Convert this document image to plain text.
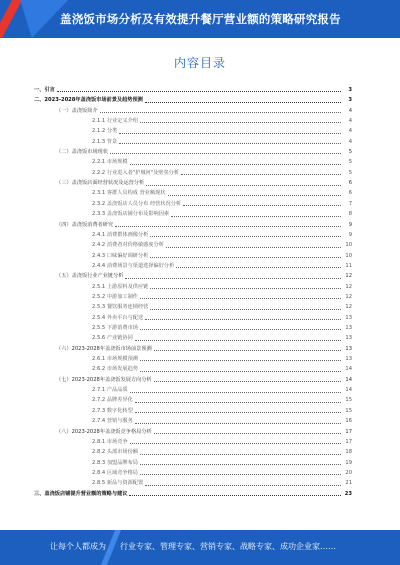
盖浇饭市场分析及有效提升餐厅营业额的策略研究报告
内容目录
一、引言	3
二、2023-2028年盖浇饭市场前景及趋势预测	3
（一）盖浇饭简介	4
2.1.1 行业定义介绍	4
2.1.2 分类	4
2.1.3 背景	4
（二）盖浇饭市场现状	5
2.2.1 市场规模	5
2.2.2 行业进入者"护城河"及壁垒分析	5
（三）盖浇饭店面经营状况及运营分析	6
2.3.1 客群人员构成 营业额现状	6
2.3.2 盖浇饭店人员分布 经营状况分析	7
2.3.3 盖浇饭店铺分布及影响因素	8
（四）盖浇饭消费者研究	9
2.4.1 消费群体画像分析	9
2.4.2 消费者对价格敏感度分析	10
2.4.3 口味偏好调研分析	10
2.4.4 消费场景与渠道选择偏好分析	11
（五）盖浇饭行业产业链分析	12
2.5.1 上游原料及供应链	12
2.5.2 中游加工制作	12
2.5.3 餐饮服务连锁经营	12
2.5.4 外卖平台与配送	13
2.5.5 下游消费市场	13
2.5.6 产业链协同	13
（六）2023-2028年盖浇饭市场前景预测	13
2.6.1 市场规模预测	13
2.6.2 市场发展趋势	14
（七）2023-2028年盖浇饭发展方向分析	14
2.7.1 产品品质	14
2.7.2 品牌差异化	15
2.7.3 数字化转型	15
2.7.4 营销与服务	16
（八）2023-2028年盖浇饭竞争格局分析	17
2.8.1 市场竞争	17
2.8.2 头部市场份额	18
2.8.3 加盟品牌布局	19
2.8.4 区域竞争格局	20
2.8.5 新品与资源配置	21
三、盖浇饭店铺提升营业额的策略与建议	23
让每个人都成为 行业专家、管理专家、营销专家、战略专家、成功企业家……
